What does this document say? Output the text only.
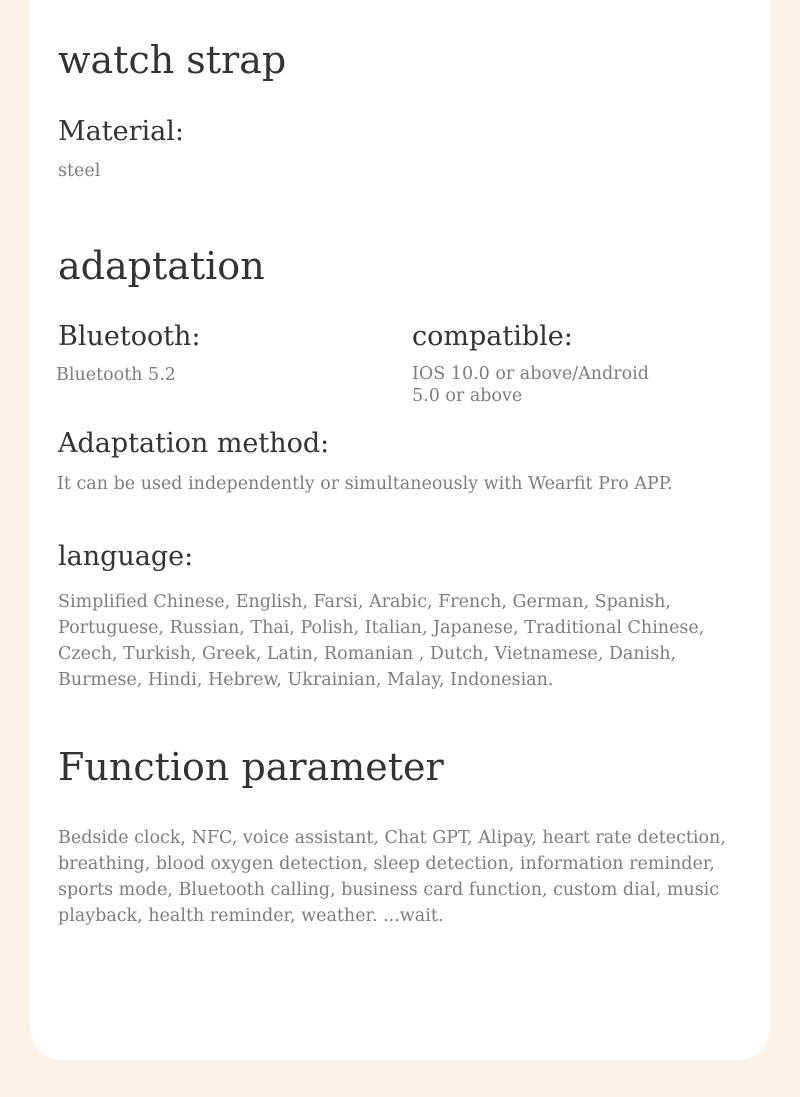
watch strap
Material:

steel

adaptation
Bluetooth:

Bluetooth 5.2

compatible:

IOS 10.0 or above/Android 5.0 or above

Adaptation method:

It can be used independently or simultaneously with Wearfit Pro APP.

language:

Simplified Chinese, English, Farsi, Arabic, French, German, Spanish, Portuguese, Russian, Thai, Polish, Italian, Japanese, Traditional Chinese, Czech, Turkish, Greek, Latin, Romanian , Dutch, Vietnamese, Danish, Burmese, Hindi, Hebrew, Ukrainian, Malay, Indonesian.

Function parameter

Bedside clock, NFC, voice assistant, Chat GPT, Alipay, heart rate detection, breathing, blood oxygen detection, sleep detection, information reminder, sports mode, Bluetooth calling, business card function, custom dial, music playback, health reminder, weather. ...wait.
